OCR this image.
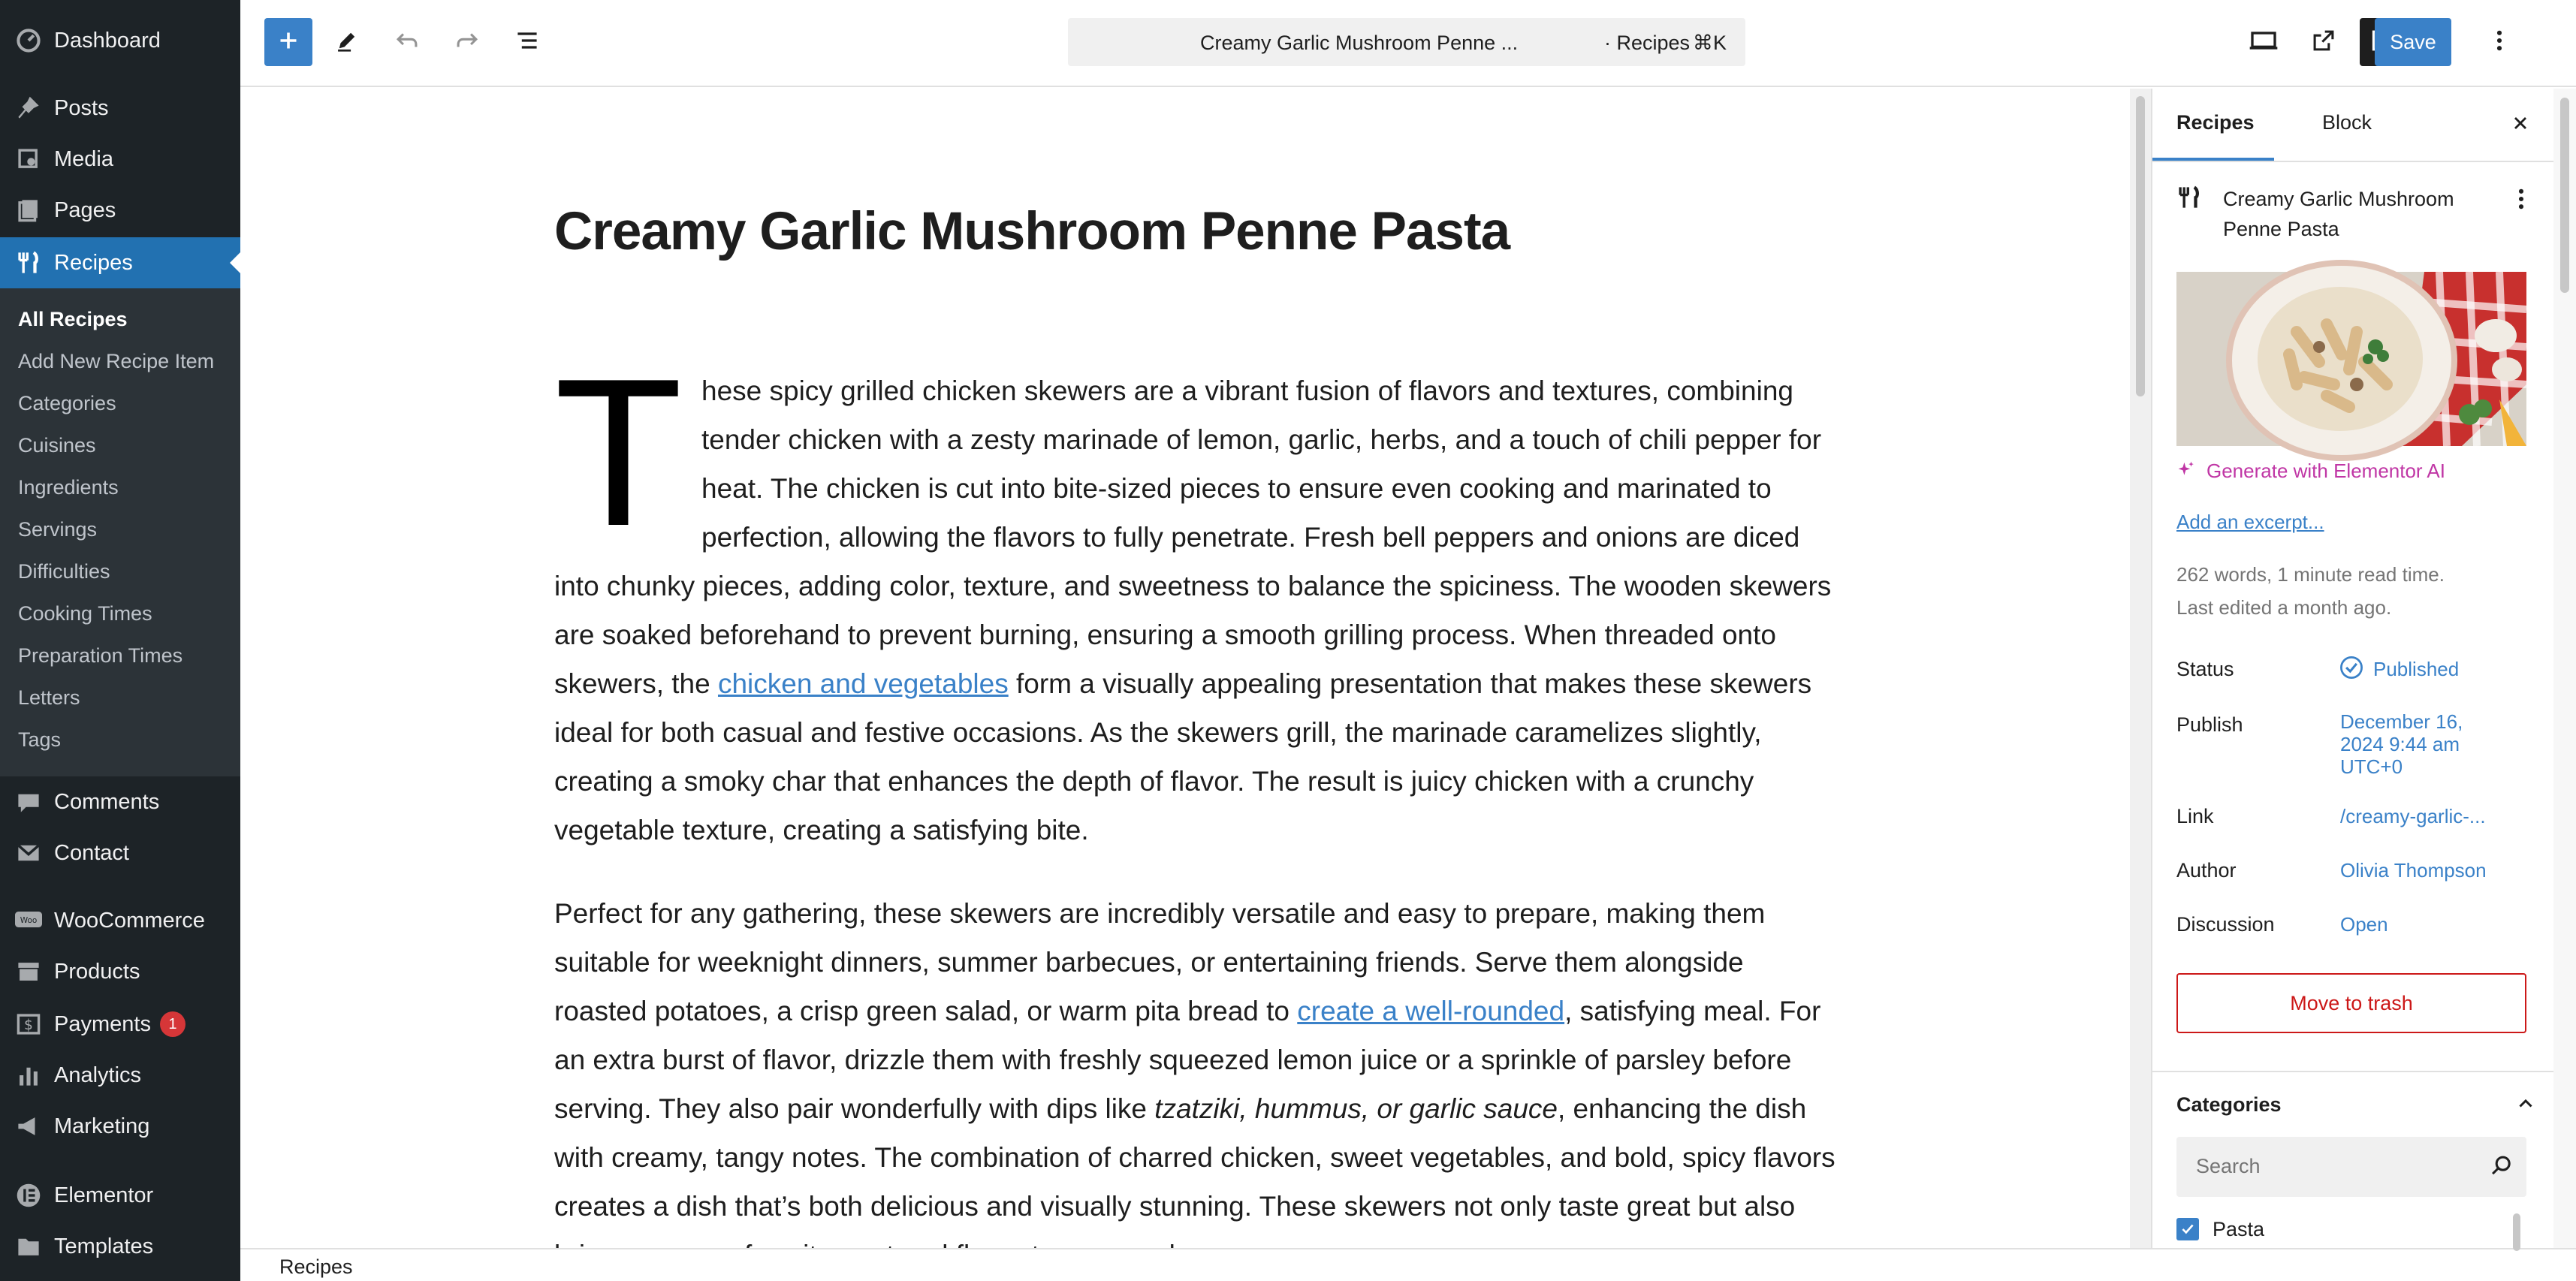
Dashboard
Posts
Media
Pages
Recipes
All Recipes
Add New Recipe Item
Categories
Cuisines
Ingredients
Servings
Difficulties
Cooking Times
Preparation Times
Letters
Tags
Comments
Contact
Woo WooCommerce
Products
$ Payments	1
Analytics
Marketing
Elementor
Templates
Creamy Garlic Mushroom Penne ...	· Recipes ⌘K	Save
Creamy Garlic Mushroom Penne Pasta
T hese spicy grilled chicken skewers are a vibrant fusion of flavors and textures, combining
tender chicken with a zesty marinade of lemon, garlic, herbs, and a touch of chili pepper for
heat. The chicken is cut into bite-sized pieces to ensure even cooking and marinated to
perfection, allowing the flavors to fully penetrate. Fresh bell peppers and onions are diced
into chunky pieces, adding color, texture, and sweetness to balance the spiciness. The wooden skewers
are soaked beforehand to prevent burning, ensuring a smooth grilling process. When threaded onto
skewers, the chicken and vegetables form a visually appealing presentation that makes these skewers
ideal for both casual and festive occasions. As the skewers grill, the marinade caramelizes slightly,
creating a smoky char that enhances the depth of flavor. The result is juicy chicken with a crunchy
vegetable texture, creating a satisfying bite.
Perfect for any gathering, these skewers are incredibly versatile and easy to prepare, making them
suitable for weeknight dinners, summer barbecues, or entertaining friends. Serve them alongside
roasted potatoes, a crisp green salad, or warm pita bread to create a well-rounded, satisfying meal. For
an extra burst of flavor, drizzle them with freshly squeezed lemon juice or a sprinkle of parsley before
serving. They also pair wonderfully with dips like tzatziki, hummus, or garlic sauce, enhancing the dish
with creamy, tangy notes. The combination of charred chicken, sweet vegetables, and bold, spicy flavors
creates a dish that’s both delicious and visually stunning. These skewers not only taste great but also
Recipes
Recipes	Block
Creamy Garlic Mushroom
Penne Pasta
Generate with Elementor AI
Add an excerpt...
262 words, 1 minute read time.
Last edited a month ago.
Status	Published
Publish	December 16,
2024 9:44 am
UTC+0
Link	/creamy-garlic-...
Author	Olivia Thompson
Discussion	Open
Move to trash
Categories
Search
Pasta
